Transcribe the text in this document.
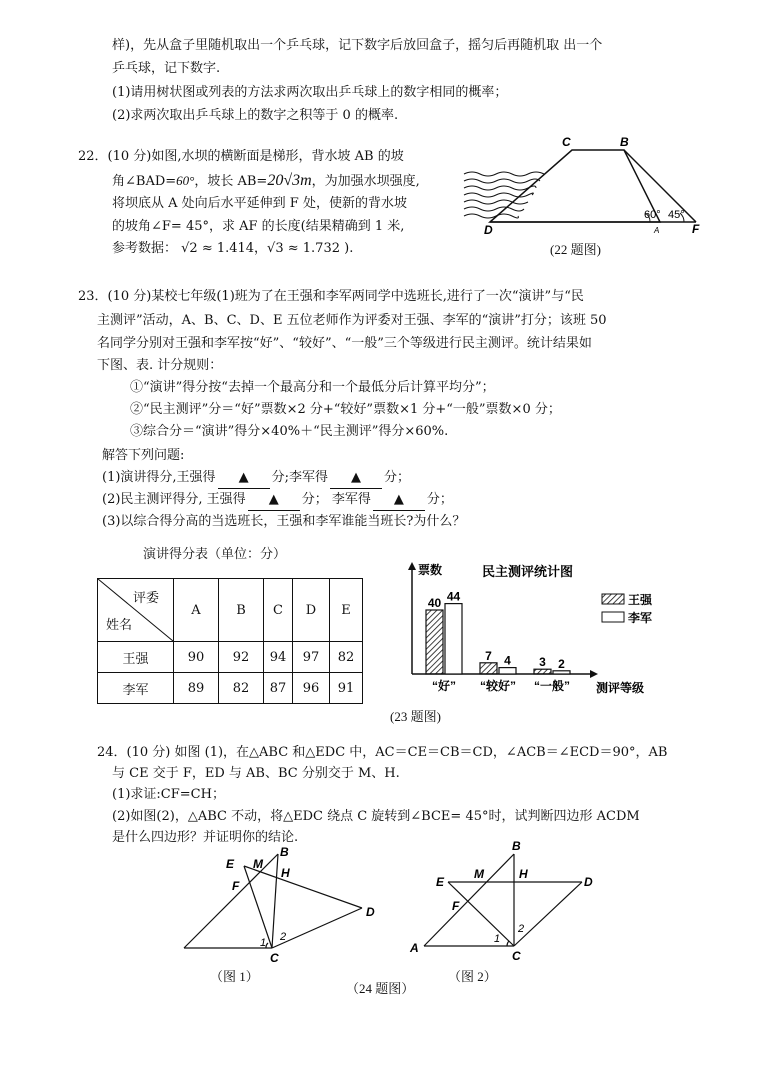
样)，先从盒子里随机取出一个乒乓球，记下数字后放回盒子，摇匀后再随机取 出一个
乒乓球，记下数字.
(1)请用树状图或列表的方法求两次取出乒乓球上的数字相同的概率；
(2)求两次取出乒乓球上的数字之积等于 0 的概率.
22．(10 分)如图,水坝的横断面是梯形，背水坡 AB 的坡
角∠BAD=60°，坡长 AB=20√3m，为加强水坝强度,
将坝底从 A 处向后水平延伸到 F 处，使新的背水坡
的坡角∠F= 45°，求 AF 的长度(结果精确到 1 米,
参考数据： √2 ≈ 1.414，√3 ≈ 1.732 ).
C	B
D	A	F
60° 45°
(22 题图)
23．(10 分)某校七年级(1)班为了在王强和李军两同学中选班长,进行了一次“演讲”与“民
主测评”活动，A、B、C、D、E 五位老师作为评委对王强、李军的“演讲”打分；该班 50
名同学分别对王强和李军按“好”、“较好”、“一般”三个等级进行民主测评。统计结果如
下图、表. 计分规则：
①“演讲”得分按“去掉一个最高分和一个最低分后计算平均分”；
②“民主测评”分＝“好”票数×2 分+“较好”票数×1 分+“一般”票数×0 分；
③综合分＝“演讲”得分×40%＋“民主测评”得分×60%.
解答下列问题:
(1)演讲得分,王强得 ▲ 分;李军得 ▲ 分；
(2)民主测评得分, 王强得 ▲ 分； 李军得 ▲ 分；
(3)以综合得分高的当选班长，王强和李军谁能当班长?为什么？
演讲得分表（单位：分）
评委
姓名	A	B	C	D	E
王强	90	92	94	97	82
李军	89	82	87	96	91
票数	民主测评统计图
测评等级
40 44
“好”
7 4
“较好”
3 2
“一般”
王强
李军
(23 题图)
24．(10 分) 如图 (1)，在△ABC 和△EDC 中，AC＝CE＝CB＝CD，∠ACB＝∠ECD＝90°，AB
与 CE 交于 F，ED 与 AB、BC 分别交于 M、H.
(1)求证:CF=CH；
(2)如图(2)，△ABC 不动，将△EDC 绕点 C 旋转到∠BCE= 45°时，试判断四边形 ACDM
是什么四边形？并证明你的结论.
E M
B
H
F
D
C
1 2
（图 1）
B
E
M	H
D
F
A
C
1
2
（图 2）
（24 题图）
